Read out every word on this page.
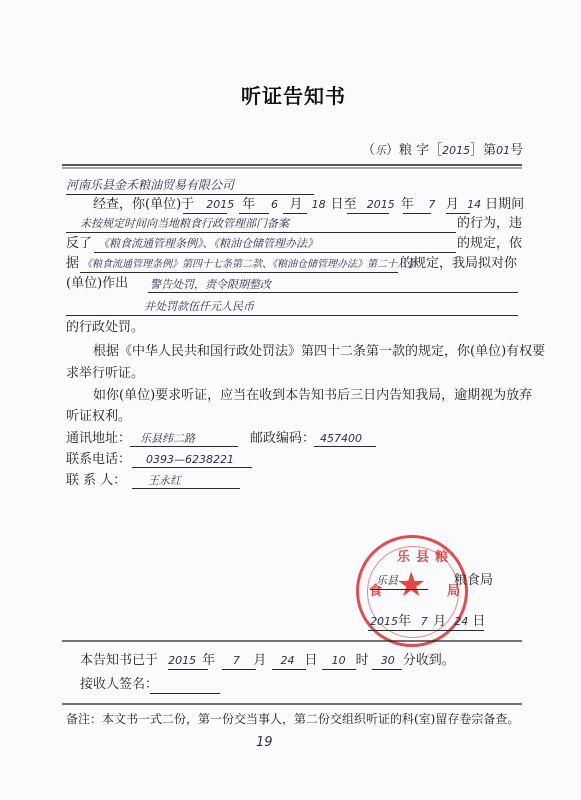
听证告知书
（乐）粮 字［2015］第01号
河南乐县金禾粮油贸易有限公司
经查，你(单位)于 2015 年 6 月 18 日至 2015 年 7 月 14 日期间
未按规定时间向当地粮食行政管理部门备案	的行为，违
反了 《粮食流通管理条例》、《粮油仓储管理办法》	的规定，依
据 《粮食流通管理条例》第四十七条第二款、《粮油仓储管理办法》第二十八条
的规定，我局拟对你
(单位)作出 警告处罚，责令限期整改
并处罚款伍仟元人民币
的行政处罚。
根据《中华人民共和国行政处罚法》第四十二条第一款的规定，你(单位)有权要
求举行听证。
如你(单位)要求听证，应当在收到本告知书后三日内告知我局，逾期视为放弃
听证权利。
通讯地址： 乐县纬二路	邮政编码： 457400
联系电话： 0393—6238221
联 系 人： 王永红
乐县粮
食	局
★
乐县	粮食局
2015年 7 月 24 日
本告知书已于 2015 年 7 月 24 日 10 时 30 分收到。
接收人签名：
备注：本文书一式二份，第一份交当事人，第二份交组织听证的科(室)留存卷宗备查。
19
